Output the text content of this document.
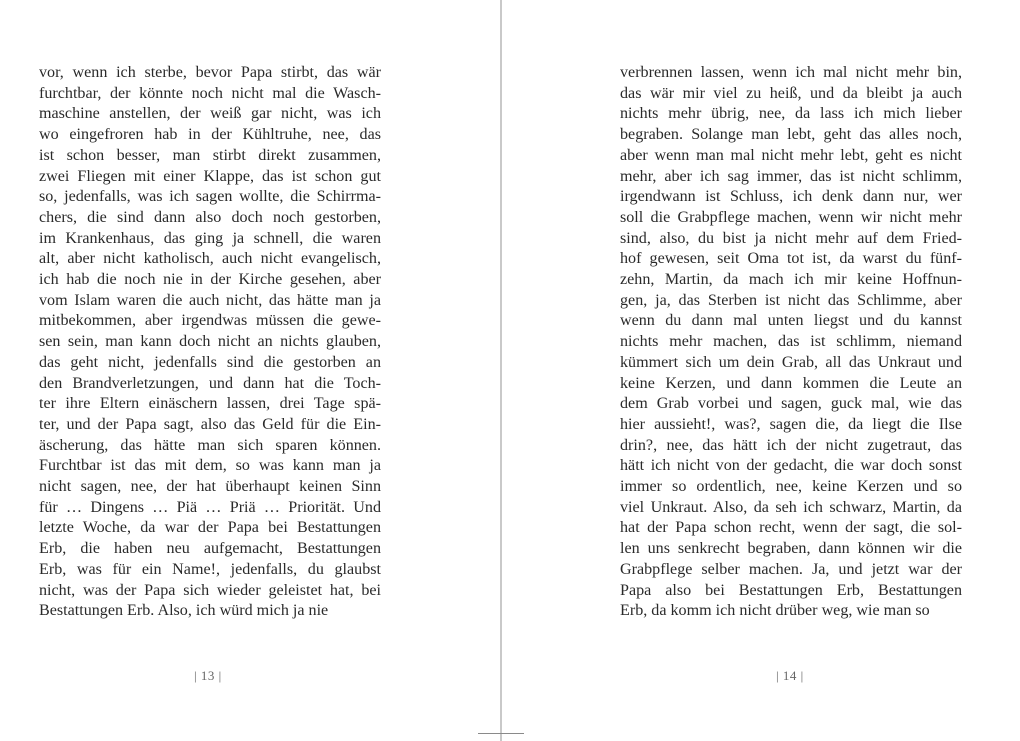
vor, wenn ich sterbe, bevor Papa stirbt, das wär
furchtbar, der könnte noch nicht mal die Wasch-
maschine anstellen, der weiß gar nicht, was ich
wo eingefroren hab in der Kühltruhe, nee, das
ist schon besser, man stirbt direkt zusammen,
zwei Fliegen mit einer Klappe, das ist schon gut
so, jedenfalls, was ich sagen wollte, die Schirrma-
chers, die sind dann also doch noch gestorben,
im Krankenhaus, das ging ja schnell, die waren
alt, aber nicht katholisch, auch nicht evangelisch,
ich hab die noch nie in der Kirche gesehen, aber
vom Islam waren die auch nicht, das hätte man ja
mitbekommen, aber irgendwas müssen die gewe-
sen sein, man kann doch nicht an nichts glauben,
das geht nicht, jedenfalls sind die gestorben an
den Brandverletzungen, und dann hat die Toch-
ter ihre Eltern einäschern lassen, drei Tage spä-
ter, und der Papa sagt, also das Geld für die Ein-
äscherung, das hätte man sich sparen können.
Furchtbar ist das mit dem, so was kann man ja
nicht sagen, nee, der hat überhaupt keinen Sinn
für … Dingens … Piä … Priä … Priorität. Und
letzte Woche, da war der Papa bei Bestattungen
Erb, die haben neu aufgemacht, Bestattungen
Erb, was für ein Name!, jedenfalls, du glaubst
nicht, was der Papa sich wieder geleistet hat, bei
Bestattungen Erb. Also, ich würd mich ja nie
| 13 |
verbrennen lassen, wenn ich mal nicht mehr bin,
das wär mir viel zu heiß, und da bleibt ja auch
nichts mehr übrig, nee, da lass ich mich lieber
begraben. Solange man lebt, geht das alles noch,
aber wenn man mal nicht mehr lebt, geht es nicht
mehr, aber ich sag immer, das ist nicht schlimm,
irgendwann ist Schluss, ich denk dann nur, wer
soll die Grabpflege machen, wenn wir nicht mehr
sind, also, du bist ja nicht mehr auf dem Fried-
hof gewesen, seit Oma tot ist, da warst du fünf-
zehn, Martin, da mach ich mir keine Hoffnun-
gen, ja, das Sterben ist nicht das Schlimme, aber
wenn du dann mal unten liegst und du kannst
nichts mehr machen, das ist schlimm, niemand
kümmert sich um dein Grab, all das Unkraut und
keine Kerzen, und dann kommen die Leute an
dem Grab vorbei und sagen, guck mal, wie das
hier aussieht!, was?, sagen die, da liegt die Ilse
drin?, nee, das hätt ich der nicht zugetraut, das
hätt ich nicht von der gedacht, die war doch sonst
immer so ordentlich, nee, keine Kerzen und so
viel Unkraut. Also, da seh ich schwarz, Martin, da
hat der Papa schon recht, wenn der sagt, die sol-
len uns senkrecht begraben, dann können wir die
Grabpflege selber machen. Ja, und jetzt war der
Papa also bei Bestattungen Erb, Bestattungen
Erb, da komm ich nicht drüber weg, wie man so
| 14 |
